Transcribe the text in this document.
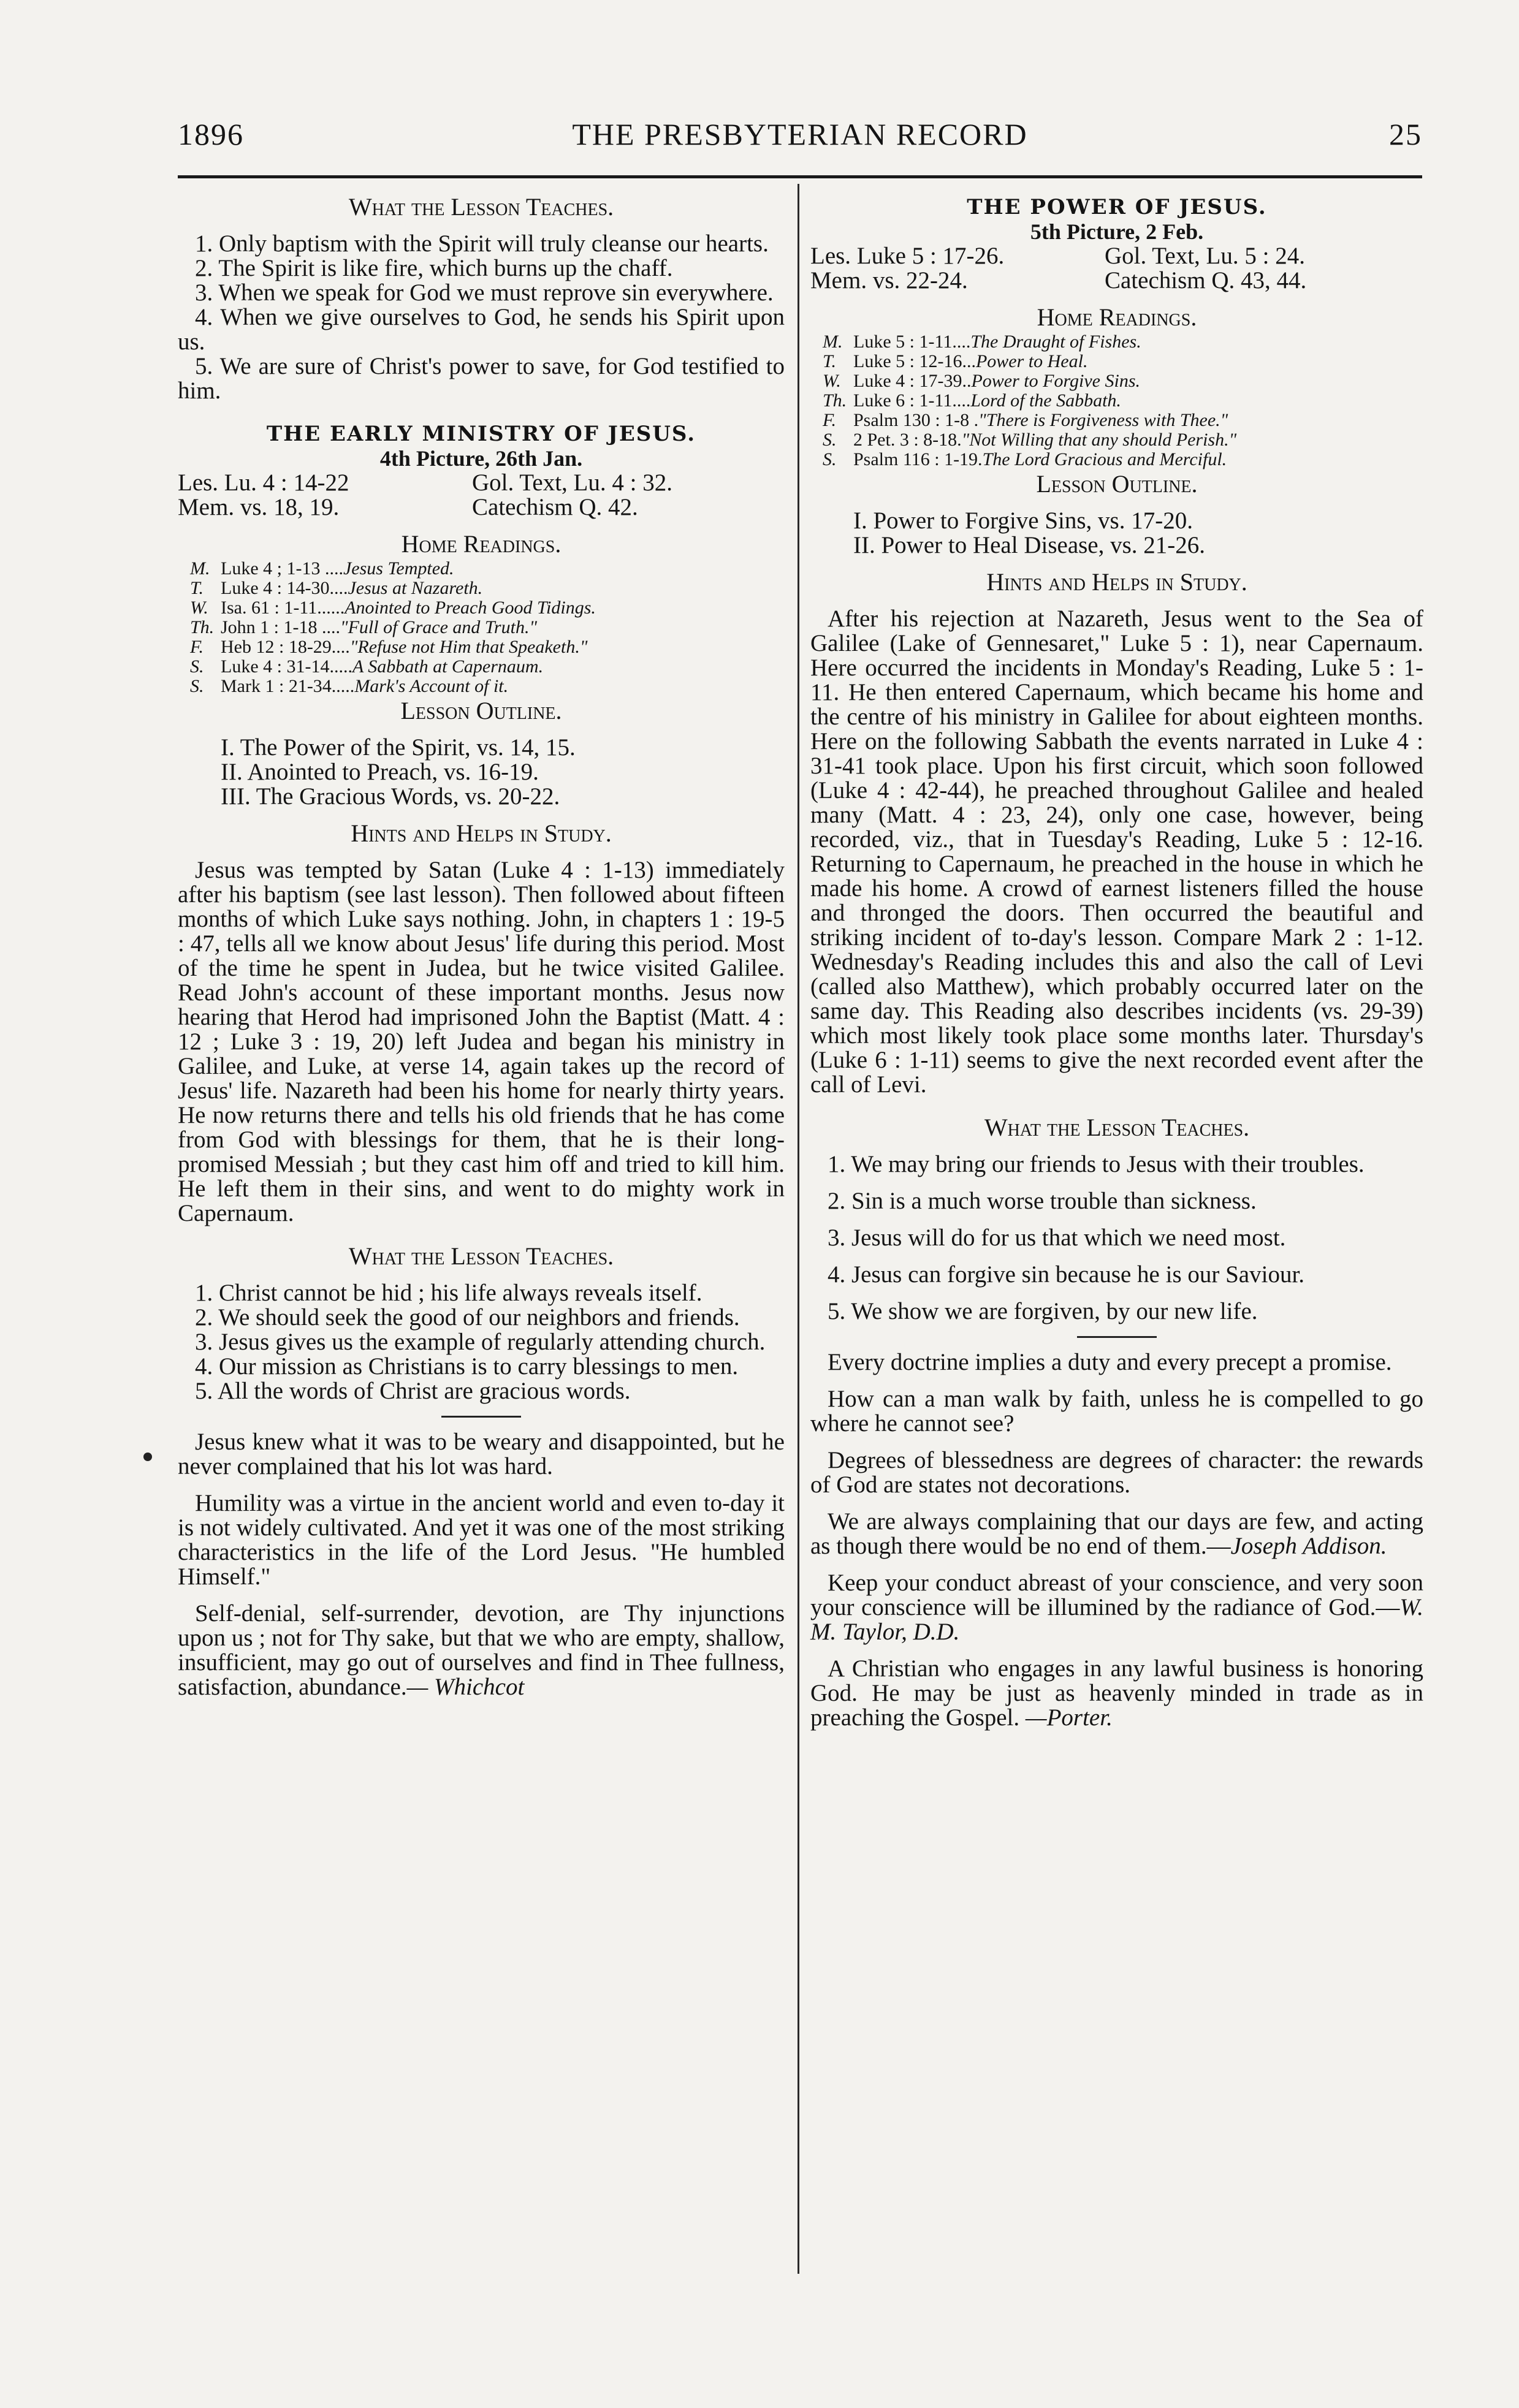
THE PRESBYTERIAN RECORD
1896	25

What the Lesson Teaches.

1. Only baptism with the Spirit will truly cleanse our hearts.

2. The Spirit is like fire, which burns up the chaff.

3. When we speak for God we must reprove sin everywhere.

4. When we give ourselves to God, he sends his Spirit upon us.

5. We are sure of Christ's power to save, for God testified to him.

THE EARLY MINISTRY OF JESUS.

4th Picture, 26th Jan.

Les. Lu. 4 : 14-22	Gol. Text, Lu. 4 : 32.
Mem. vs. 18, 19.	Catechism Q. 42.

Home Readings.

M. Luke 4 ; 1-13 .... Jesus Tempted.
T. Luke 4 : 14-30.... Jesus at Nazareth.
W. Isa. 61 : 1-11...... Anointed to Preach Good Tidings.
Th. John 1 : 1-18 .... "Full of Grace and Truth."
F. Heb 12 : 18-29.... "Refuse not Him that Speaketh."
S. Luke 4 : 31-14..... A Sabbath at Capernaum.
S. Mark 1 : 21-34..... Mark's Account of it.

Lesson Outline.

I. The Power of the Spirit, vs. 14, 15.
II. Anointed to Preach, vs. 16-19.
III. The Gracious Words, vs. 20-22.

Hints and Helps in Study.

Jesus was tempted by Satan (Luke 4 : 1-13) immediately after his baptism (see last lesson). Then followed about fifteen months of which Luke says nothing. John, in chapters 1 : 19-5 : 47, tells all we know about Jesus' life during this period. Most of the time he spent in Judea, but he twice visited Galilee. Read John's account of these important months. Jesus now hearing that Herod had imprisoned John the Baptist (Matt. 4 : 12 ; Luke 3 : 19, 20) left Judea and began his ministry in Galilee, and Luke, at verse 14, again takes up the record of Jesus' life. Nazareth had been his home for nearly thirty years. He now returns there and tells his old friends that he has come from God with blessings for them, that he is their long-promised Messiah ; but they cast him off and tried to kill him. He left them in their sins, and went to do mighty work in Capernaum.

What the Lesson Teaches.

1. Christ cannot be hid ; his life always reveals itself.

2. We should seek the good of our neighbors and friends.

3. Jesus gives us the example of regularly attending church.

4. Our mission as Christians is to carry blessings to men.

5. All the words of Christ are gracious words.

Jesus knew what it was to be weary and disappointed, but he never complained that his lot was hard.

Humility was a virtue in the ancient world and even to-day it is not widely cultivated. And yet it was one of the most striking characteristics in the life of the Lord Jesus. "He humbled Himself."

Self-denial, self-surrender, devotion, are Thy injunctions upon us ; not for Thy sake, but that we who are empty, shallow, insufficient, may go out of ourselves and find in Thee fullness, satisfaction, abundance.— Whichcot

THE POWER OF JESUS.

5th Picture, 2 Feb.

Les. Luke 5 : 17-26.	Gol. Text, Lu. 5 : 24.
Mem. vs. 22-24.	Catechism Q. 43, 44.

Home Readings.

M. Luke 5 : 1-11.... The Draught of Fishes.
T. Luke 5 : 12-16... Power to Heal.
W. Luke 4 : 17-39.. Power to Forgive Sins.
Th. Luke 6 : 1-11.... Lord of the Sabbath.
F. Psalm 130 : 1-8 . "There is Forgiveness with Thee."
S. 2 Pet. 3 : 8-18. "Not Willing that any should Perish."
S. Psalm 116 : 1-19. The Lord Gracious and Merciful.

Lesson Outline.

I. Power to Forgive Sins, vs. 17-20.
II. Power to Heal Disease, vs. 21-26.

Hints and Helps in Study.

After his rejection at Nazareth, Jesus went to the Sea of Galilee (Lake of Gennesaret," Luke 5 : 1), near Capernaum. Here occurred the incidents in Monday's Reading, Luke 5 : 1-11. He then entered Capernaum, which became his home and the centre of his ministry in Galilee for about eighteen months. Here on the following Sabbath the events narrated in Luke 4 : 31-41 took place. Upon his first circuit, which soon followed (Luke 4 : 42-44), he preached throughout Galilee and healed many (Matt. 4 : 23, 24), only one case, however, being recorded, viz., that in Tuesday's Reading, Luke 5 : 12-16. Returning to Capernaum, he preached in the house in which he made his home. A crowd of earnest listeners filled the house and thronged the doors. Then occurred the beautiful and striking incident of to-day's lesson. Compare Mark 2 : 1-12. Wednesday's Reading includes this and also the call of Levi (called also Matthew), which probably occurred later on the same day. This Reading also describes incidents (vs. 29-39) which most likely took place some months later. Thursday's (Luke 6 : 1-11) seems to give the next recorded event after the call of Levi.

What the Lesson Teaches.

1. We may bring our friends to Jesus with their troubles.

2. Sin is a much worse trouble than sickness.

3. Jesus will do for us that which we need most.

4. Jesus can forgive sin because he is our Saviour.

5. We show we are forgiven, by our new life.

Every doctrine implies a duty and every precept a promise.

How can a man walk by faith, unless he is compelled to go where he cannot see?

Degrees of blessedness are degrees of character: the rewards of God are states not decorations.

We are always complaining that our days are few, and acting as though there would be no end of them.—Joseph Addison.

Keep your conduct abreast of your conscience, and very soon your conscience will be illumined by the radiance of God.—W. M. Taylor, D.D.

A Christian who engages in any lawful business is honoring God. He may be just as heavenly minded in trade as in preaching the Gospel. —Porter.
